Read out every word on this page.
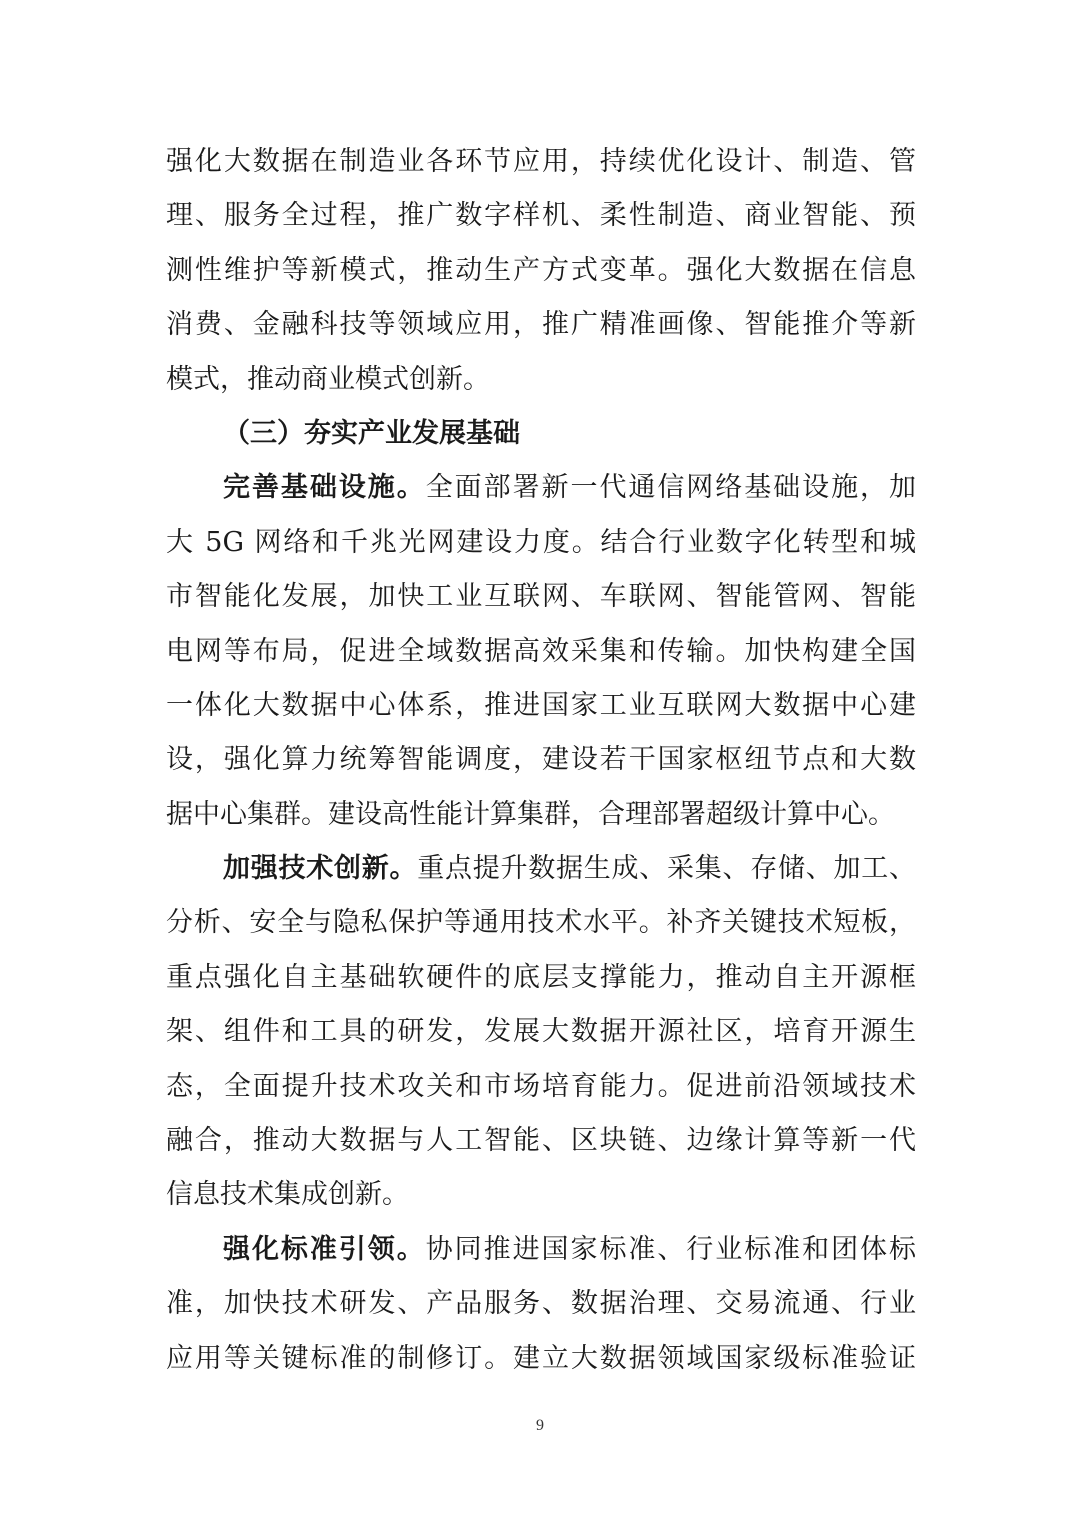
强化大数据在制造业各环节应用，持续优化设计、制造、管
理、服务全过程，推广数字样机、柔性制造、商业智能、预
测性维护等新模式，推动生产方式变革。强化大数据在信息
消费、金融科技等领域应用，推广精准画像、智能推介等新
模式，推动商业模式创新。
（三）夯实产业发展基础
完善基础设施。全面部署新一代通信网络基础设施，加
大 5G 网络和千兆光网建设力度。结合行业数字化转型和城
市智能化发展，加快工业互联网、车联网、智能管网、智能
电网等布局，促进全域数据高效采集和传输。加快构建全国
一体化大数据中心体系，推进国家工业互联网大数据中心建
设，强化算力统筹智能调度，建设若干国家枢纽节点和大数
据中心集群。建设高性能计算集群，合理部署超级计算中心。
加强技术创新。重点提升数据生成、采集、存储、加工、
分析、安全与隐私保护等通用技术水平。补齐关键技术短板，
重点强化自主基础软硬件的底层支撑能力，推动自主开源框
架、组件和工具的研发，发展大数据开源社区，培育开源生
态，全面提升技术攻关和市场培育能力。促进前沿领域技术
融合，推动大数据与人工智能、区块链、边缘计算等新一代
信息技术集成创新。
强化标准引领。协同推进国家标准、行业标准和团体标
准，加快技术研发、产品服务、数据治理、交易流通、行业
应用等关键标准的制修订。建立大数据领域国家级标准验证
9
